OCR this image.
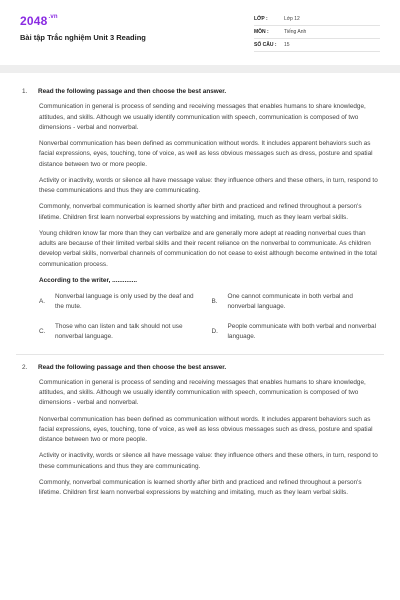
$2048^{.vn}$
Bài tập Trắc nghiệm Unit 3 Reading
LỚP :	Lớp 12
MÔN :	Tiếng Anh
SỐ CÂU :	15
1.	Read the following passage and then choose the best answer.

Communication in general is process of sending and receiving messages that enables humans to share knowledge, attitudes, and skills. Although we usually identify communication with speech, communication is composed of two dimensions - verbal and nonverbal.

Nonverbal communication has been defined as communication without words. It includes apparent behaviors such as facial expressions, eyes, touching, tone of voice, as well as less obvious messages such as dress, posture and spatial distance between two or more people.

Activity or inactivity, words or silence all have message value: they influence others and these others, in turn, respond to these communications and thus they are communicating.

Commonly, nonverbal communication is learned shortly after birth and practiced and refined throughout a person's lifetime. Children first learn nonverbal expressions by watching and imitating, much as they learn verbal skills.

Young children know far more than they can verbalize and are generally more adept at reading nonverbal cues than adults are because of their limited verbal skills and their recent reliance on the nonverbal to communicate. As children develop verbal skills, nonverbal channels of communication do not cease to exist although become entwined in the total communication process.

According to the writer, ..............

A.
Nonverbal language is only used by the deaf and the mute.
B.
One cannot communicate in both verbal and nonverbal language.
C.
Those who can listen and talk should not use nonverbal language.
D.
People communicate with both verbal and nonverbal language.
2.	Read the following passage and then choose the best answer.

Communication in general is process of sending and receiving messages that enables humans to share knowledge, attitudes, and skills. Although we usually identify communication with speech, communication is composed of two dimensions - verbal and nonverbal.

Nonverbal communication has been defined as communication without words. It includes apparent behaviors such as facial expressions, eyes, touching, tone of voice, as well as less obvious messages such as dress, posture and spatial distance between two or more people.

Activity or inactivity, words or silence all have message value: they influence others and these others, in turn, respond to these communications and thus they are communicating.

Commonly, nonverbal communication is learned shortly after birth and practiced and refined throughout a person's lifetime. Children first learn nonverbal expressions by watching and imitating, much as they learn verbal skills.
